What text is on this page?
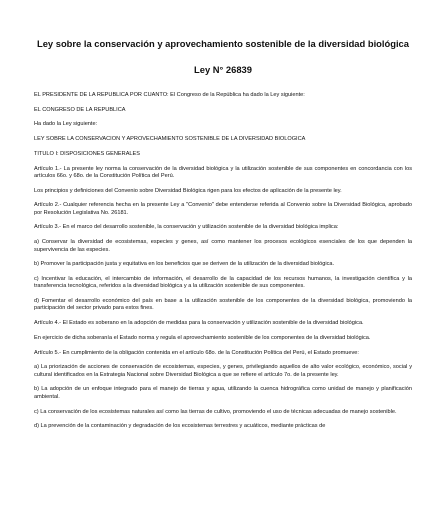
Ley sobre la conservación y aprovechamiento sostenible de la diversidad biológica
Ley N° 26839
EL PRESIDENTE DE LA REPUBLICA POR CUANTO: El Congreso de la República ha dado la Ley siguiente:
EL CONGRESO DE LA REPUBLICA
Ha dado la Ley siguiente:
LEY SOBRE LA CONSERVACION Y APROVECHAMIENTO SOSTENIBLE DE LA DIVERSIDAD BIOLOGICA
TITULO I: DISPOSICIONES GENERALES
Artículo 1.- La presente ley norma la conservación de la diversidad biológica y la utilización sostenible de sus componentes en concordancia con los artículos 66o. y 68o. de la Constitución Política del Perú.
Los principios y definiciones del Convenio sobre Diversidad Biológica rigen para los efectos de aplicación de la presente ley.
Artículo 2.- Cualquier referencia hecha en la presente Ley a "Convenio" debe entenderse referida al Convenio sobre la Diversidad Biológica, aprobado por Resolución Legislativa No. 26181.
Artículo 3.- En el marco del desarrollo sostenible, la conservación y utilización sostenible de la diversidad biológica implica:
a) Conservar la diversidad de ecosistemas, especies y genes, así como mantener los procesos ecológicos esenciales de los que dependen la supervivencia de las especies.
b) Promover la participación justa y equitativa en los beneficios que se deriven de la utilización de la diversidad biológica.
c) Incentivar la educación, el intercambio de información, el desarrollo de la capacidad de los recursos humanos, la investigación científica y la transferencia tecnológica, referidos a la diversidad biológica y a la utilización sostenible de sus componentes.
d) Fomentar el desarrollo económico del país en base a la utilización sostenible de los componentes de la diversidad biológica, promoviendo la participación del sector privado para estos fines.
Artículo 4.- El Estado es soberano en la adopción de medidas para la conservación y utilización sostenible de la diversidad biológica.
En ejercicio de dicha soberanía el Estado norma y regula el aprovechamiento sostenible de los componentes de la diversidad biológica.
Artículo 5.- En cumplimiento de la obligación contenida en el artículo 68o. de la Constitución Política del Perú, el Estado promueve:
a) La priorización de acciones de conservación de ecosistemas, especies, y genes, privilegiando aquellos de alto valor ecológico, económico, social y cultural identificados en la Estrategia Nacional sobre Diversidad Biológica a que se refiere el artículo 7o. de la presente ley.
b) La adopción de un enfoque integrado para el manejo de tierras y agua, utilizando la cuenca hidrográfica como unidad de manejo y planificación ambiental.
c) La conservación de los ecosistemas naturales así como las tierras de cultivo, promoviendo el uso de técnicas adecuadas de manejo sostenible.
d) La prevención de la contaminación y degradación de los ecosistemas terrestres y acuáticos, mediante prácticas de
